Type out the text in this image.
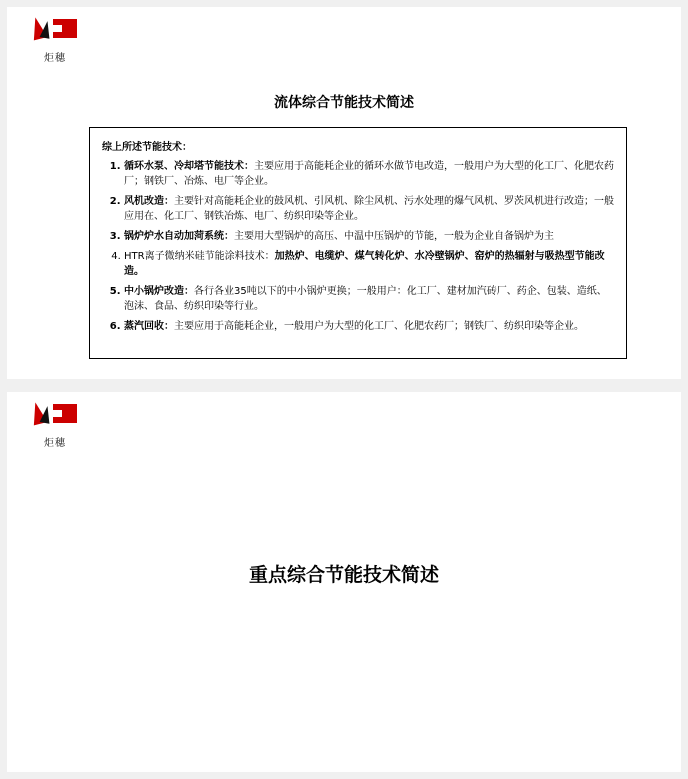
炬穗
流体综合节能技术简述
综上所述节能技术：
1. 循环水泵、冷却塔节能技术：主要应用于高能耗企业的循环水做节电改造，一般用户为大型的化工厂、化肥农药厂；钢铁厂、冶炼、电厂等企业。
2. 风机改造：主要针对高能耗企业的鼓风机、引风机、除尘风机、污水处理的爆气风机、罗茨风机进行改造；一般应用在、化工厂、钢铁冶炼、电厂、纺织印染等企业。
3. 锅炉炉水自动加菏系统：主要用大型锅炉的高压、中温中压锅炉的节能，一般为企业自备锅炉为主
4. HTR离子微纳米硅节能涂料技术：加热炉、电缆炉、煤气转化炉、水冷壁锅炉、窑炉的热辐射与吸热型节能改造。
5. 中小锅炉改造：各行各业35吨以下的中小锅炉更换；一般用户：化工厂、建材加汽砖厂、药企、包装、造纸、泡沫、食品、纺织印染等行业。
6. 蒸汽回收：主要应用于高能耗企业，一般用户为大型的化工厂、化肥农药厂；钢铁厂、纺织印染等企业。
炬穗
重点综合节能技术简述
